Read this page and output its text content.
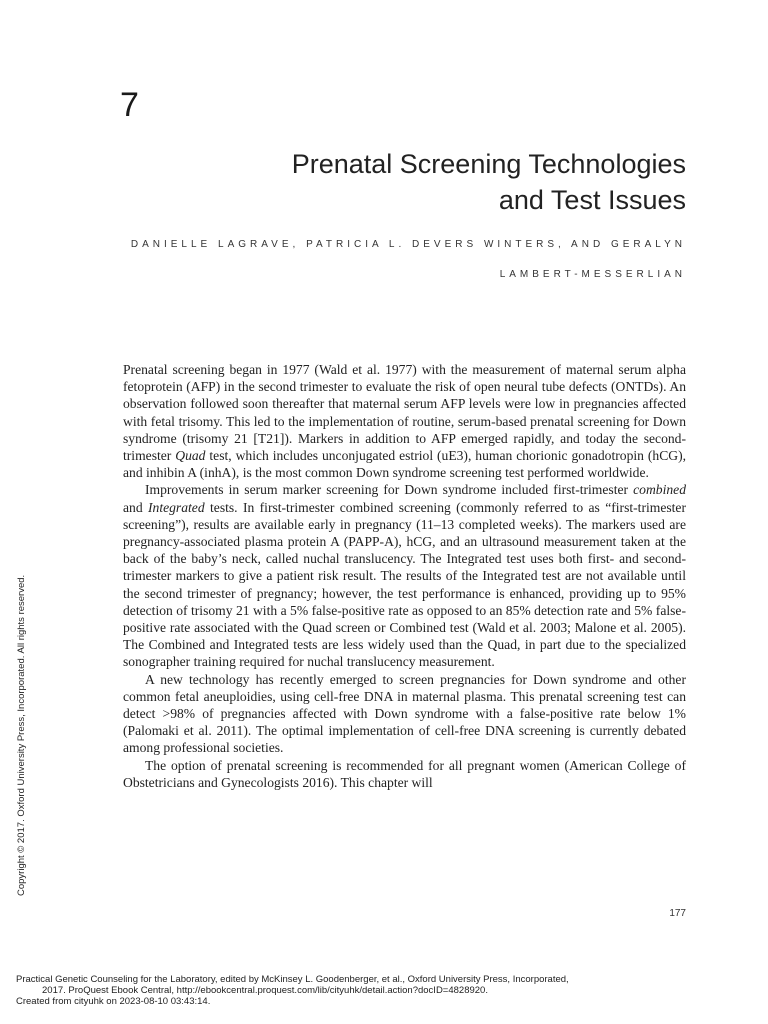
7
Prenatal Screening Technologies
and Test Issues
DANIELLE LAGRAVE, PATRICIA L. DEVERS WINTERS, AND GERALYN
LAMBERT-MESSERLIAN

Prenatal screening began in 1977 (Wald et al. 1977) with the measurement of maternal serum alpha fetoprotein (AFP) in the second trimester to evaluate the risk of open neural tube defects (ONTDs). An observation followed soon thereafter that maternal serum AFP levels were low in pregnancies affected with fetal trisomy. This led to the implementation of routine, serum-based prenatal screening for Down syndrome (trisomy 21 [T21]). Markers in addition to AFP emerged rapidly, and today the second-trimester Quad test, which includes unconjugated estriol (uE3), human chorionic gonadotropin (hCG), and inhibin A (inhA), is the most common Down syndrome screening test performed worldwide.

Improvements in serum marker screening for Down syndrome included first-trimester combined and Integrated tests. In first-trimester combined screening (commonly referred to as “first-trimester screening”), results are available early in pregnancy (11–13 completed weeks). The markers used are pregnancy-associated plasma protein A (PAPP-A), hCG, and an ultrasound measurement taken at the back of the baby’s neck, called nuchal translucency. The Integrated test uses both first- and second-trimester markers to give a patient risk result. The results of the Integrated test are not available until the second trimester of pregnancy; however, the test performance is enhanced, providing up to 95% detection of trisomy 21 with a 5% false-positive rate as opposed to an 85% detection rate and 5% false-positive rate associated with the Quad screen or Combined test (Wald et al. 2003; Malone et al. 2005). The Combined and Integrated tests are less widely used than the Quad, in part due to the specialized sonographer training required for nuchal translucency measurement.

A new technology has recently emerged to screen pregnancies for Down syndrome and other common fetal aneuploidies, using cell-free DNA in maternal plasma. This prenatal screening test can detect >98% of pregnancies affected with Down syndrome with a false-positive rate below 1% (Palomaki et al. 2011). The optimal implementation of cell-free DNA screening is currently debated among professional societies.

The option of prenatal screening is recommended for all pregnant women (American College of Obstetricians and Gynecologists 2016). This chapter will

177
Copyright © 2017. Oxford University Press, Incorporated. All rights reserved.
Practical Genetic Counseling for the Laboratory, edited by McKinsey L. Goodenberger, et al., Oxford University Press, Incorporated,
2017. ProQuest Ebook Central, http://ebookcentral.proquest.com/lib/cityuhk/detail.action?docID=4828920.
Created from cityuhk on 2023-08-10 03:43:14.
